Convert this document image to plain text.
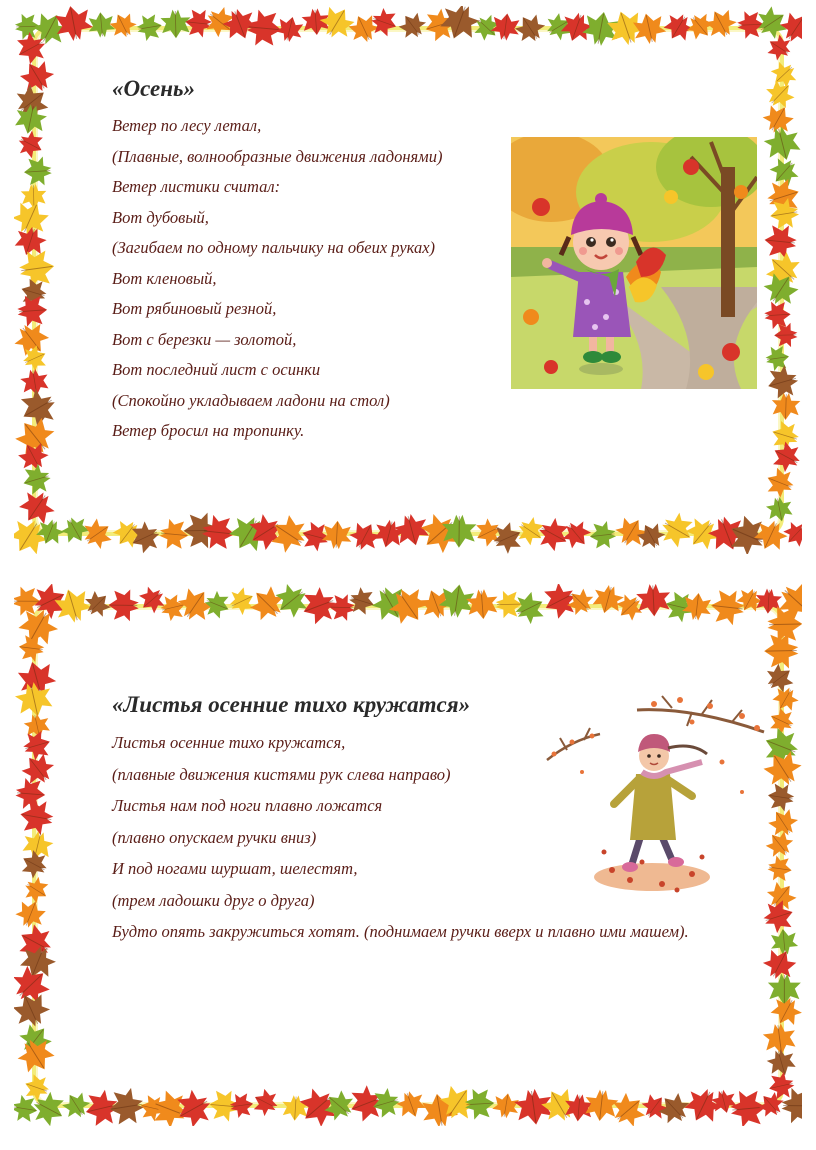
«Осень»
Ветер по лесу летал,
(Плавные, волнообразные движения ладонями)
Ветер листики считал:
Вот дубовый,
(Загибаем по одному пальчику на обеих руках)
Вот кленовый,
Вот рябиновый резной,
Вот с березки — золотой,
Вот последний лист с осинки
(Спокойно укладываем ладони на стол)
Ветер бросил на тропинку.
«Листья осенние тихо кружатся»
Листья осенние тихо кружатся,
(плавные движения кистями рук слева направо)
Листья нам под ноги плавно ложатся
(плавно опускаем ручки вниз)
И под ногами шуршат, шелестят,
(трем ладошки друг о друга)
Будто опять закружиться хотят. (поднимаем ручки вверх и плавно ими машем).
